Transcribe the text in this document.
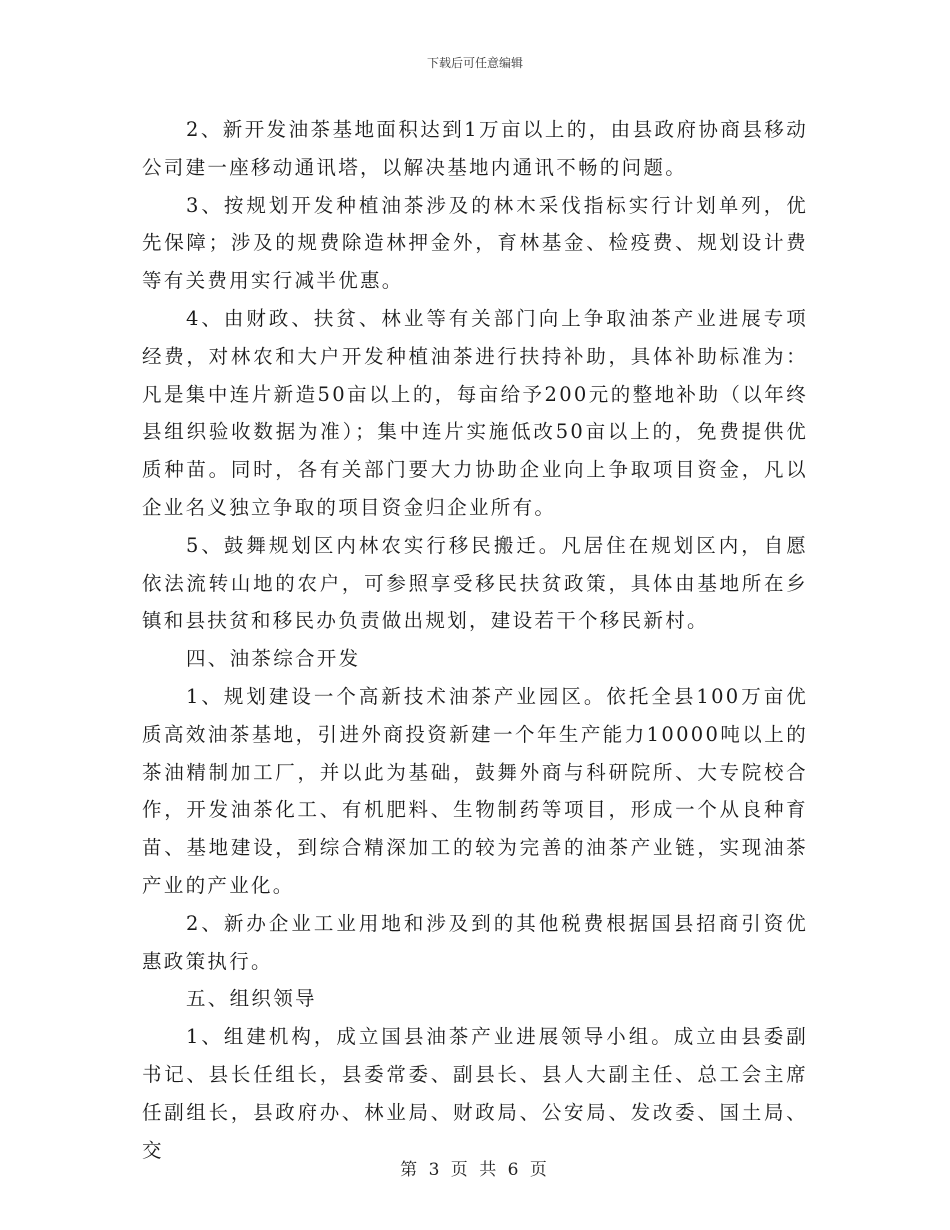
下载后可任意编辑

2、新开发油茶基地面积达到1万亩以上的，由县政府协商县移动公司建一座移动通讯塔，以解决基地内通讯不畅的问题。

3、按规划开发种植油茶涉及的林木采伐指标实行计划单列，优先保障；涉及的规费除造林押金外，育林基金、检疫费、规划设计费等有关费用实行减半优惠。

4、由财政、扶贫、林业等有关部门向上争取油茶产业进展专项经费，对林农和大户开发种植油茶进行扶持补助，具体补助标准为：凡是集中连片新造50亩以上的，每亩给予200元的整地补助（以年终县组织验收数据为准）；集中连片实施低改50亩以上的，免费提供优质种苗。同时，各有关部门要大力协助企业向上争取项目资金，凡以企业名义独立争取的项目资金归企业所有。

5、鼓舞规划区内林农实行移民搬迁。凡居住在规划区内，自愿依法流转山地的农户，可参照享受移民扶贫政策，具体由基地所在乡镇和县扶贫和移民办负责做出规划，建设若干个移民新村。

四、油茶综合开发

1、规划建设一个高新技术油茶产业园区。依托全县100万亩优质高效油茶基地，引进外商投资新建一个年生产能力10000吨以上的茶油精制加工厂，并以此为基础，鼓舞外商与科研院所、大专院校合作，开发油茶化工、有机肥料、生物制药等项目，形成一个从良种育苗、基地建设，到综合精深加工的较为完善的油茶产业链，实现油茶产业的产业化。

2、新办企业工业用地和涉及到的其他税费根据国县招商引资优惠政策执行。

五、组织领导

1、组建机构，成立国县油茶产业进展领导小组。成立由县委副书记、县长任组长，县委常委、副县长、县人大副主任、总工会主席任副组长，县政府办、林业局、财政局、公安局、发改委、国土局、交

第 3 页 共 6 页
